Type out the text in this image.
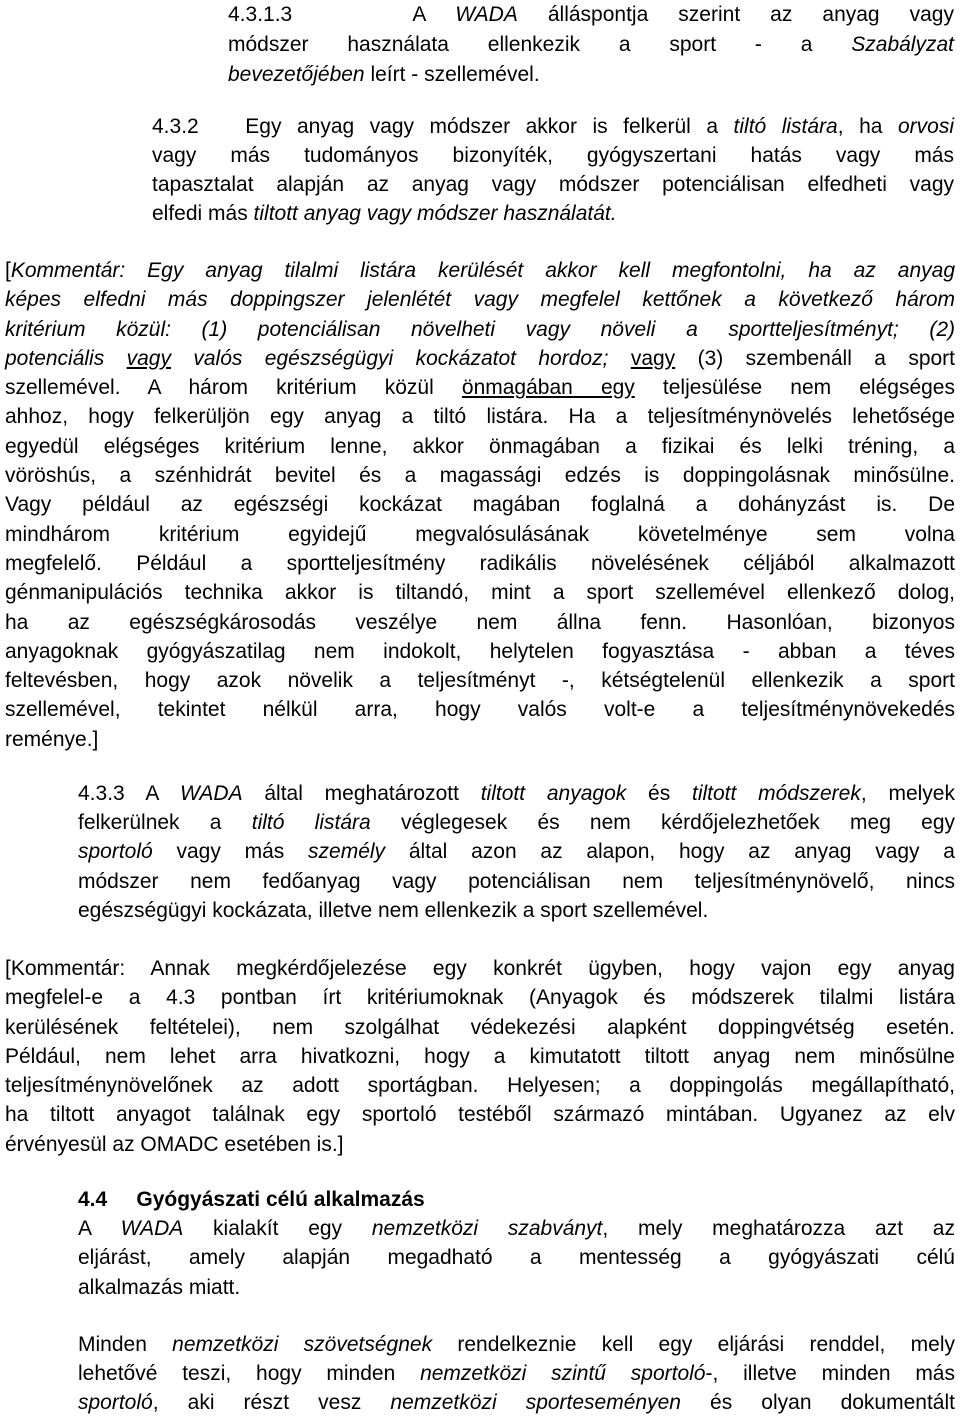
4.3.1.3	A WADA álláspontja szerint az anyag vagy
módszer használata ellenkezik a sport - a Szabályzat
bevezetőjében leírt - szellemével.
4.3.2 Egy anyag vagy módszer akkor is felkerül a tiltó listára, ha orvosi
vagy más tudományos bizonyíték, gyógyszertani hatás vagy más
tapasztalat alapján az anyag vagy módszer potenciálisan elfedheti vagy
elfedi más tiltott anyag vagy módszer használatát.
[Kommentár: Egy anyag tilalmi listára kerülését akkor kell megfontolni, ha az anyag
képes elfedni más doppingszer jelenlétét vagy megfelel kettőnek a következő három
kritérium közül: (1) potenciálisan növelheti vagy növeli a sportteljesítményt; (2)
potenciális vagy valós egészségügyi kockázatot hordoz; vagy (3) szembenáll a sport
szellemével. A három kritérium közül önmagában egy teljesülése nem elégséges
ahhoz, hogy felkerüljön egy anyag a tiltó listára. Ha a teljesítménynövelés lehetősége
egyedül elégséges kritérium lenne, akkor önmagában a fizikai és lelki tréning, a
vöröshús, a szénhidrát bevitel és a magassági edzés is doppingolásnak minősülne.
Vagy például az egészségi kockázat magában foglalná a dohányzást is. De
mindhárom kritérium egyidejű megvalósulásának követelménye sem volna
megfelelő. Például a sportteljesítmény radikális növelésének céljából alkalmazott
génmanipulációs technika akkor is tiltandó, mint a sport szellemével ellenkező dolog,
ha az egészségkárosodás veszélye nem állna fenn. Hasonlóan, bizonyos
anyagoknak gyógyászatilag nem indokolt, helytelen fogyasztása - abban a téves
feltevésben, hogy azok növelik a teljesítményt -, kétségtelenül ellenkezik a sport
szellemével, tekintet nélkül arra, hogy valós volt-e a teljesítménynövekedés
reménye.]
4.3.3 A WADA által meghatározott tiltott anyagok és tiltott módszerek, melyek
felkerülnek a tiltó listára véglegesek és nem kérdőjelezhetőek meg egy
sportoló vagy más személy által azon az alapon, hogy az anyag vagy a
módszer nem fedőanyag vagy potenciálisan nem teljesítménynövelő, nincs
egészségügyi kockázata, illetve nem ellenkezik a sport szellemével.
[Kommentár: Annak megkérdőjelezése egy konkrét ügyben, hogy vajon egy anyag
megfelel-e a 4.3 pontban írt kritériumoknak (Anyagok és módszerek tilalmi listára
kerülésének feltételei), nem szolgálhat védekezési alapként doppingvétség esetén.
Például, nem lehet arra hivatkozni, hogy a kimutatott tiltott anyag nem minősülne
teljesítménynövelőnek az adott sportágban. Helyesen; a doppingolás megállapítható,
ha tiltott anyagot találnak egy sportoló testéből származó mintában. Ugyanez az elv
érvényesül az OMADC esetében is.]
4.4 Gyógyászati célú alkalmazás
A WADA kialakít egy nemzetközi szabványt, mely meghatározza azt az
eljárást, amely alapján megadható a mentesség a gyógyászati célú
alkalmazás miatt.
Minden nemzetközi szövetségnek rendelkeznie kell egy eljárási renddel, mely
lehetővé teszi, hogy minden nemzetközi szintű sportoló-, illetve minden más
sportoló, aki részt vesz nemzetközi sporteseményen és olyan dokumentált
